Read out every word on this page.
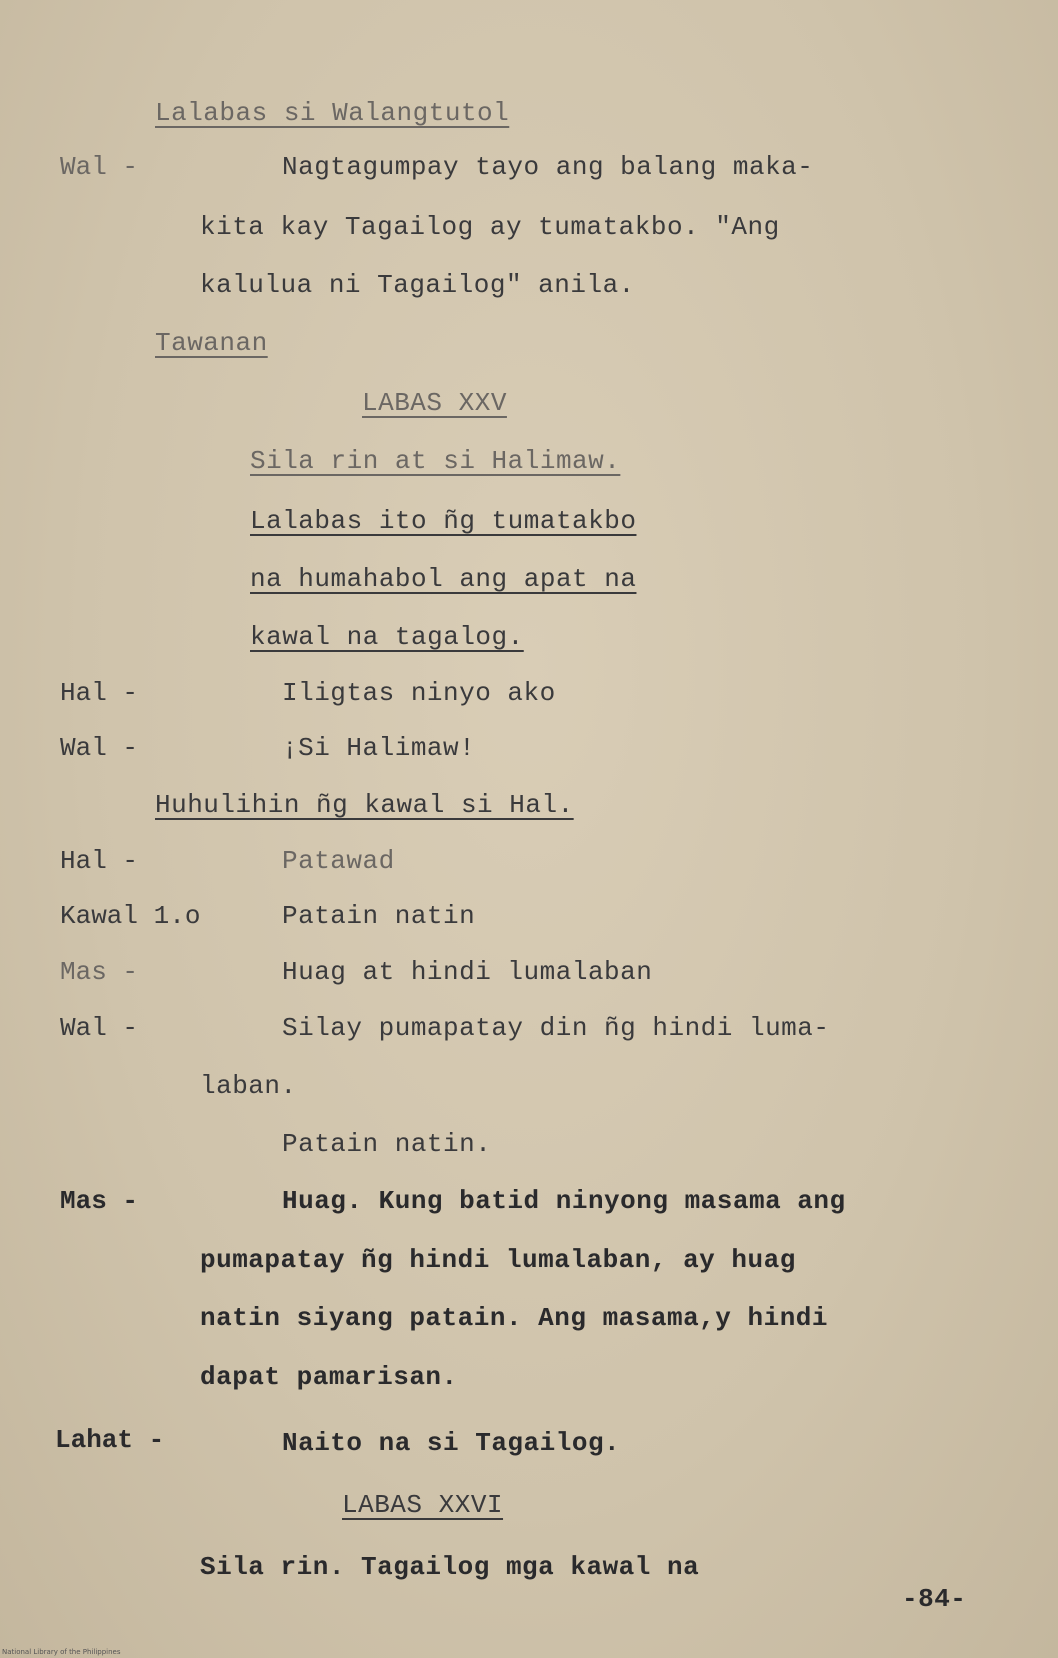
Lalabas si Walangtutol
Wal -	Nagtagumpay tayo ang balang maka-
kita kay Tagailog ay tumatakbo. "Ang
kalulua ni Tagailog" anila.
Tawanan
LABAS XXV
Sila rin at si Halimaw.
Lalabas ito ñg tumatakbo
na humahabol ang apat na
kawal na tagalog.
Hal -	Iligtas ninyo ako
Wal -	¡Si Halimaw!
Huhulihin ñg kawal si Hal.
Hal -	Patawad
Kawal 1.o	Patain natin
Mas -	Huag at hindi lumalaban
Wal -	Silay pumapatay din ñg hindi luma-
laban.
Patain natin.
Mas -	Huag. Kung batid ninyong masama ang
pumapatay ñg hindi lumalaban, ay huag
natin siyang patain. Ang masama,y hindi
dapat pamarisan.
Lahat -	Naito na si Tagailog.
LABAS XXVI
Sila rin. Tagailog mga kawal na
-84-
National Library of the Philippines
